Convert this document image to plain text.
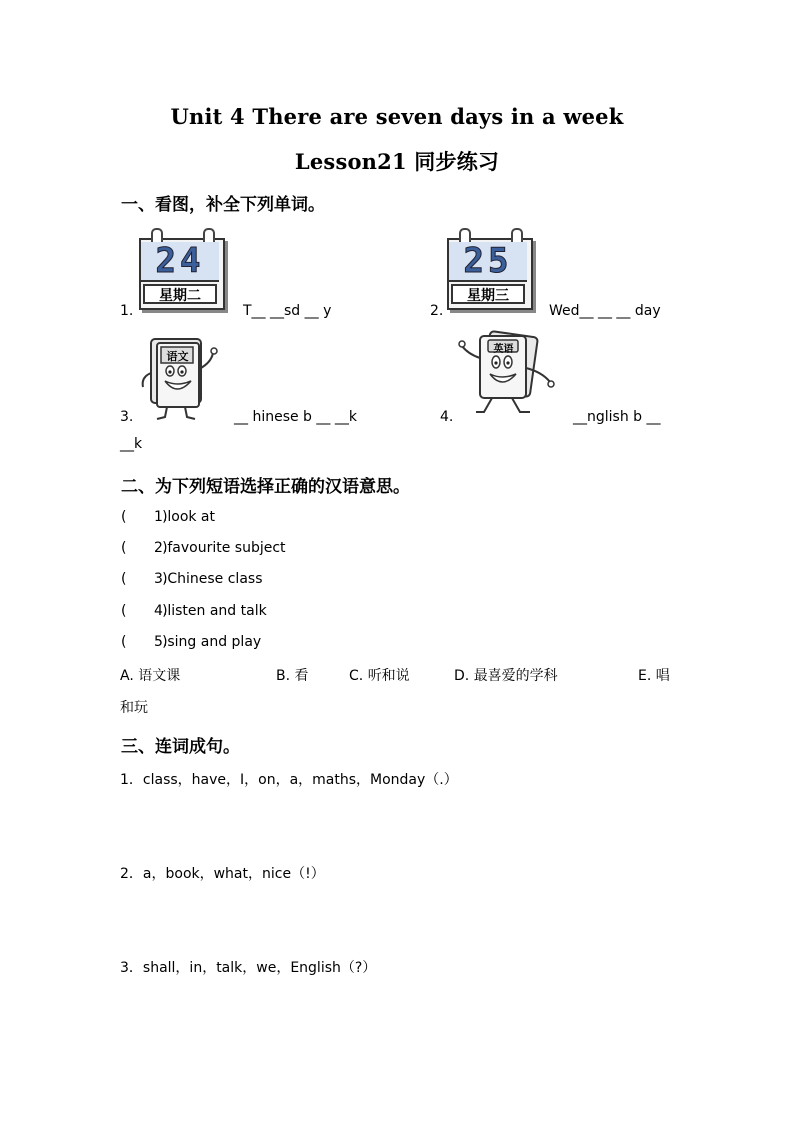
Unit 4 There are seven days in a week
Lesson21 同步练习
一、看图，补全下列单词。
1.
24
星期二
T__ __sd __ y	2.
25
星期三
Wed__ __ __ day
3.
语文
__ hinese b __ __k	4.
英语
__nglish b __
__k
二、为下列短语选择正确的汉语意思。
(        )
1.look at
(        )
2.favourite subject
(        )
3.Chinese class
(        )
4.listen and talk
(        )
5.sing and play
A. 语文课	B. 看	C. 听和说	D. 最喜爱的学科	E. 唱
和玩
三、连词成句。
1．class，have，I，on，a，maths，Monday（.）
2．a，book，what，nice（!）
3．shall，in，talk，we，English（?）
